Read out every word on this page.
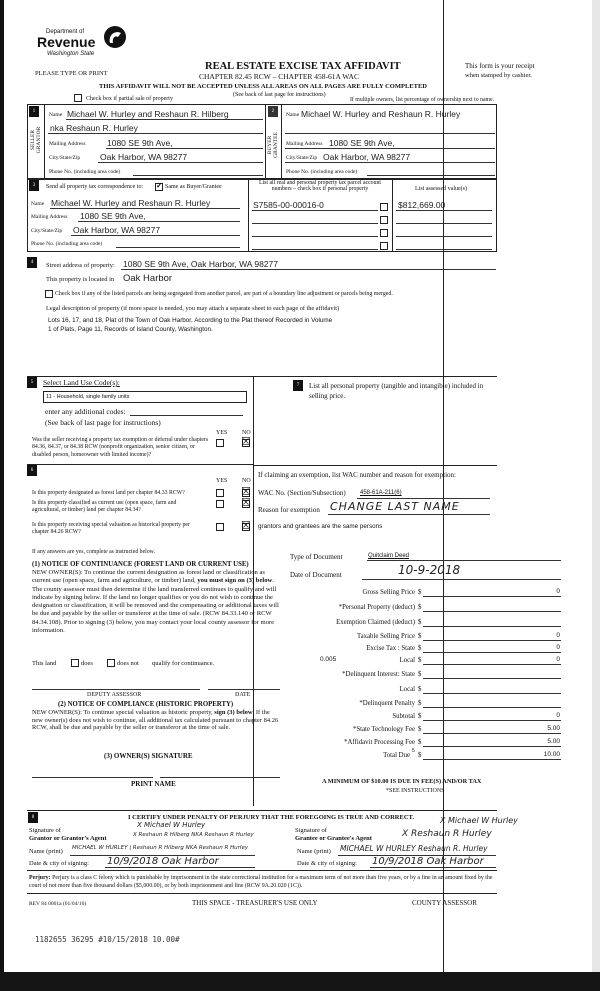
Department of
Revenue
Washington State
REAL ESTATE EXCISE TAX AFFIDAVIT
PLEASE TYPE OR PRINT	CHAPTER 82.45 RCW – CHAPTER 458-61A WAC
THIS AFFIDAVIT WILL NOT BE ACCEPTED UNLESS ALL AREAS ON ALL PAGES ARE FULLY COMPLETED
(See back of last page for instructions)
This form is your receipt
when stamped by cashier.
Check box if partial sale of property	If multiple owners, list percentage of ownership next to name.
1
SELLER GRANTOR
Name Michael W. Hurley and Reshaun R. Hilberg
nka Reshaun R. Hurley
Mailing Address	1080 SE 9th Ave,
City/State/Zip Oak Harbor, WA 98277
Phone No. (including area code)
2
BUYER GRANTEE
Name Michael W. Hurley and Reshaun R. Hurley
Mailing Address 1080 SE 9th Ave,
City/State/Zip Oak Harbor, WA 98277
Phone No. (including area code)
3	Send all property tax correspondence to: ✓	Same as Buyer/Grantee
Name Michael W. Hurley and Reshaun R. Hurley
Mailing Address 1080 SE 9th Ave,
City/State/Zip Oak Harbor, WA 98277
Phone No. (including area code)
List all real and personal property tax parcel account numbers – check box if personal property	List assessed value(s)
S7585-00-00016-0	$812,669.00
4	Street address of property: 1080 SE 9th Ave, Oak Harbor, WA 98277
This property is located in Oak Harbor
Check box if any of the listed parcels are being segregated from another parcel, are part of a boundary line adjustment or parcels being merged.
Legal description of property (if more space is needed, you may attach a separate sheet to each page of the affidavit)
Lots 16, 17, and 18, Plat of the Town of Oak Harbor, According to the Plat thereof Recorded in Volume
1 of Plats, Page 11, Records of Island County, Washington.
5	Select Land Use Code(s):
11 - Household, single family units
enter any additional codes:
(See back of last page for instructions)
YES NO

Was the seller receiving a property tax exemption or deferral under chapters 84.36, 84.37, or 84.38 RCW (nonprofit organization, senior citizen, or disabled person, homeowner with limited income)?

☒
6
YES NO

Is this property designated as forest land per chapter 84.33 RCW?

☒

Is this property classified as current use (open space, farm and agricultural, or timber) land per chapter 84.34?

☒

Is this property receiving special valuation as historical property per chapter 84.26 RCW?

☒
If any answers are yes, complete as instructed below.
(1) NOTICE OF CONTINUANCE (FOREST LAND OR CURRENT USE)

NEW OWNER(S): To continue the current designation as forest land or classification as current use (open space, farm and agriculture, or timber) land, you must sign on (3) below. The county assessor must then determine if the land transferred continues to qualify and will indicate by signing below. If the land no longer qualifies or you do not wish to continue the designation or classification, it will be removed and the compensating or additional taxes will be due and payable by the seller or transferor at the time of sale. (RCW 84.33.140 or RCW 84.34.108). Prior to signing (3) below, you may contact your local county assessor for more information.

This land	does	does not qualify for continuance.
DEPUTY ASSESSOR	DATE
(2) NOTICE OF COMPLIANCE (HISTORIC PROPERTY)

NEW OWNER(S): To continue special valuation as historic property, sign (3) below. If the new owner(s) does not wish to continue, all additional tax calculated pursuant to chapter 84.26 RCW, shall be due and payable by the seller or transferor at the time of sale.

(3) OWNER(S) SIGNATURE
PRINT NAME
7	List all personal property (tangible and intangible) included in selling price.

If claiming an exemption, list WAC number and reason for exemption:
WAC No. (Section/Subsection) 458-61A-211(6)
Reason for exemption CHANGE LAST NAME
grantors and grantees are the same persons
Type of Document	Quitclaim Deed
Date of Document	10-9-2018
Gross Selling Price $	0
*Personal Property (deduct) $
Exemption Claimed (deduct) $
Taxable Selling Price $	0
Excise Tax : State $	0
Local $	0
0.005
*Delinquent Interest: State $
Local $
*Delinquent Penalty $
Subtotal $	0
*State Technology Fee $	5.00
*Affidavit Processing Fee $	5.00
Total Due $	10.00
5
A MINIMUM OF $10.00 IS DUE IN FEE(S) AND/OR TAX
*SEE INSTRUCTIONS
8	I CERTIFY UNDER PENALTY OF PERJURY THAT THE FOREGOING IS TRUE AND CORRECT.
Signature of
Grantor or Grantor's Agent
X Michael W Hurley
X Reshaun R Hilberg NKA Reshaun R Hurley
Name (print) MICHAEL W HURLEY | Reshaun R Hilberg NKA Reshaun R Hurley
Date & city of signing: 10/9/2018 Oak Harbor
Signature of
Grantee or Grantee's Agent
X Michael W Hurley
X Reshaun R Hurley
Name (print) MICHAEL W HURLEY Reshaun R. Hurley
Date & city of signing: 10/9/2018 Oak Harbor

Perjury: Perjury is a class C felony which is punishable by imprisonment in the state correctional institution for a maximum term of not more than five years, or by a fine in an amount fixed by the court of not more than five thousand dollars ($5,000.00), or by both imprisonment and fine (RCW 9A.20.020 (1C)).

REV 84 0001a (01/04/16)	THIS SPACE - TREASURER'S USE ONLY	COUNTY ASSESSOR
1182655 36295 #10/15/2018 10.00#
